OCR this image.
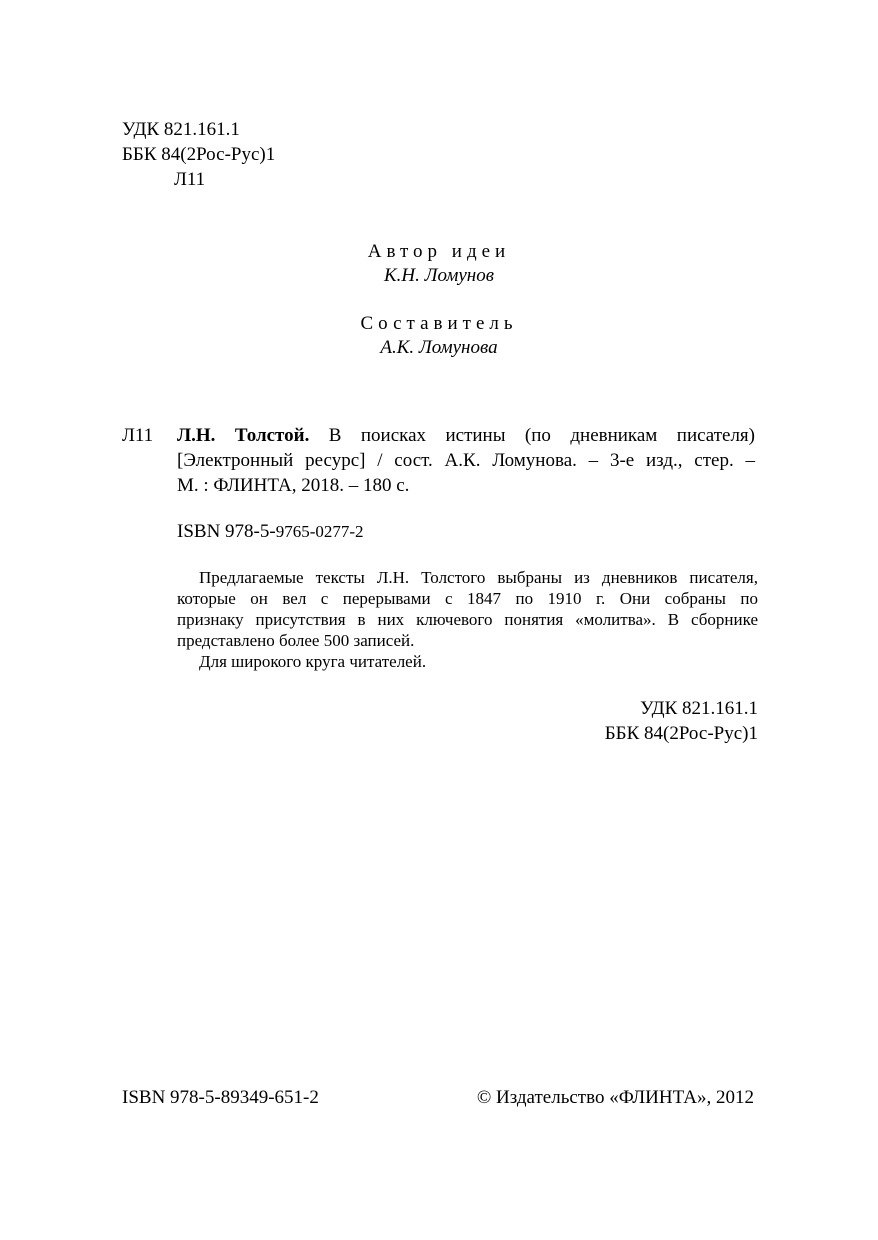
УДК 821.161.1
ББК 84(2Рос-Рус)1
Л11
Автор идеи
К.Н. Ломунов
Составитель
А.К. Ломунова
Л11 Л.Н. Толстой. В поисках истины (по дневникам писателя)
[Электронный ресурс] / сост. А.К. Ломунова. – 3-е изд., стер. –
М. : ФЛИНТА, 2018. – 180 с.
ISBN 978-5-9765-0277-2
Предлагаемые тексты Л.Н. Толстого выбраны из дневников писателя,
которые он вел с перерывами с 1847 по 1910 г. Они собраны по
признаку присутствия в них ключевого понятия «молитва». В сборнике
представлено более 500 записей.
Для широкого круга читателей.
УДК 821.161.1
ББК 84(2Рос-Рус)1
ISBN 978-5-89349-651-2	© Издательство «ФЛИНТА», 2012
